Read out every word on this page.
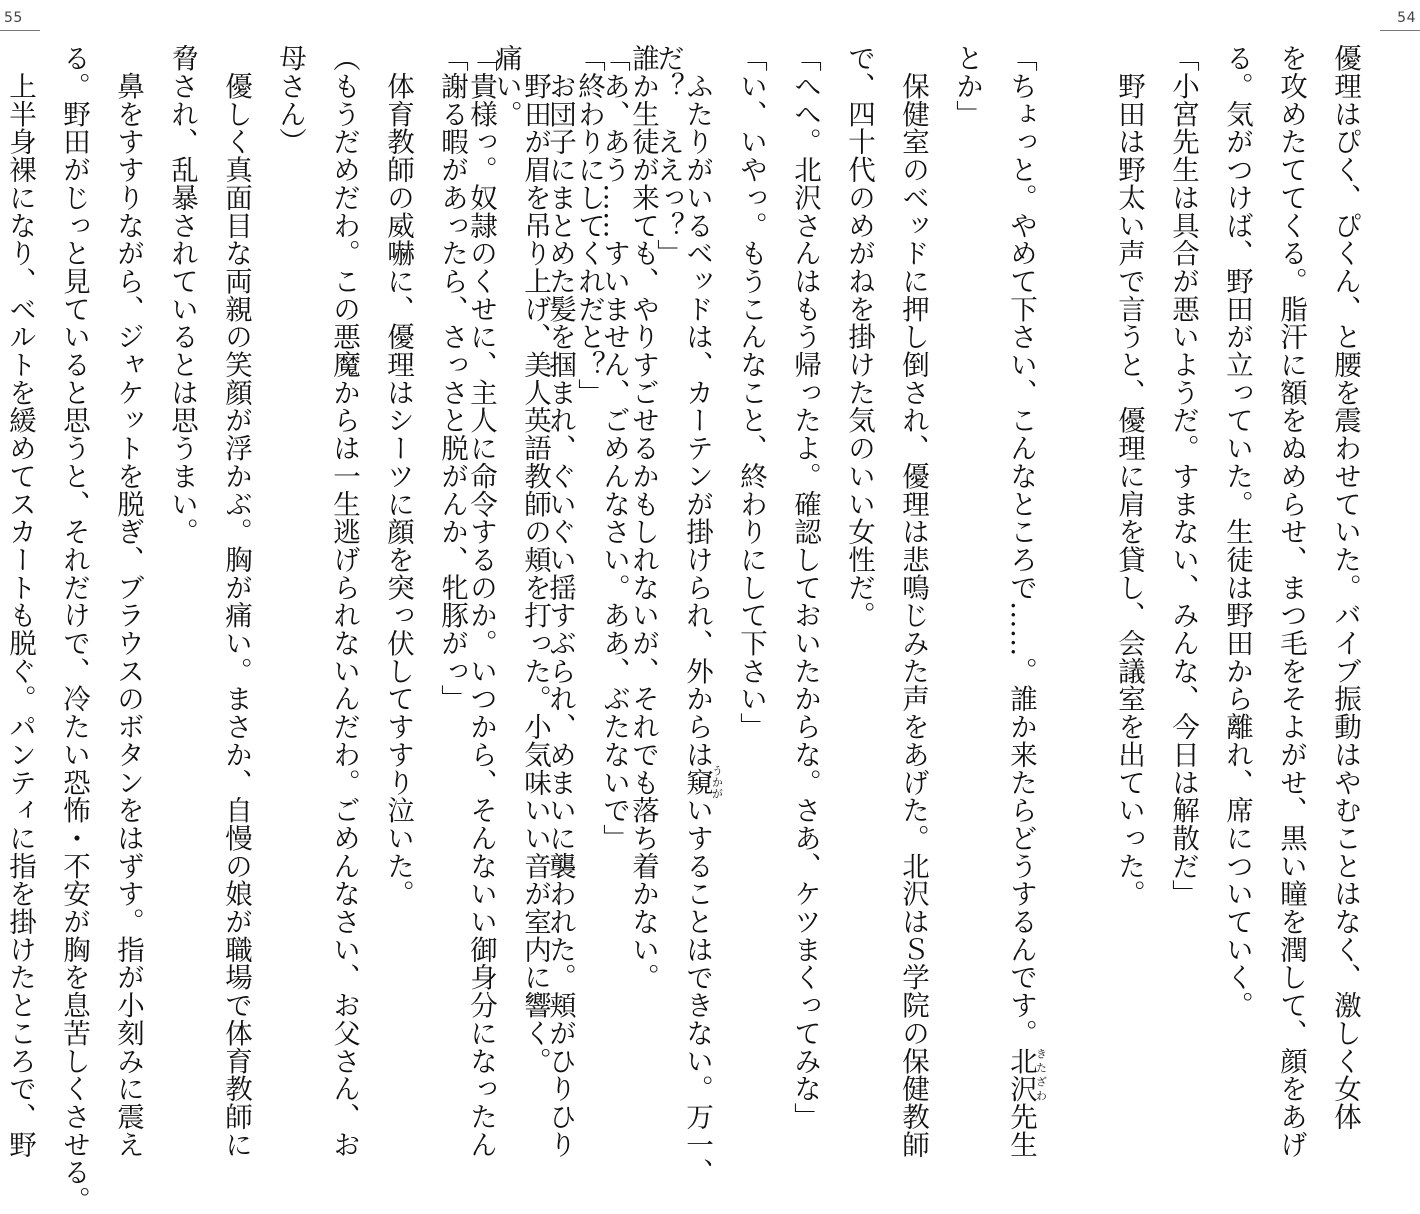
55	54
優理はぴく、ぴくん、と腰を震わせていた。バイブ振動はやむことはなく、激しく女体
を攻めたててくる。脂汗に額をぬめらせ、まつ毛をそよがせ、黒い瞳を潤して、顔をあげ
る。気がつけば、野田が立っていた。生徒は野田から離れ、席についていく。
「小宮先生は具合が悪いようだ。すまない、みんな、今日は解散だ」
　野田は野太い声で言うと、優理に肩を貸し、会議室を出ていった。

「ちょっと。やめて下さい、こんなところで……。誰か来たらどうするんです。北沢きたざわ先生
とか」
　保健室のベッドに押し倒され、優理は悲鳴じみた声をあげた。北沢はＳ学院の保健教師
で、四十代のめがねを掛けた気のいい女性だ。
「へへ。北沢さんはもう帰ったよ。確認しておいたからな。さあ、ケツまくってみな」
「い、いやっ。もうこんなこと、終わりにして下さい」
　ふたりがいるベッドは、カーテンが掛けられ、外からは窺うかがいすることはできない。万一、
誰か生徒が来ても、やりすごせるかもしれないが、それでも落ち着かない。
「終わりにしてくれだと？」
　野田が眉を吊り上げ、美人英語教師の頬を打った。小気味いい音が室内に響く。
「貴様っ。奴隷のくせに、主人に命令するのか。いつから、そんないい御身分になったん	だ？　ええっ？」
「あ、あう……すいません、ごめんなさい。ああ、ぶたないで」
　お団子にまとめた髪を掴まれ、ぐいぐい揺すぶられ、めまいに襲われた。頬がひりひり
痛い。
「謝る暇があったら、さっさと脱がんか、牝豚がっ」
　体育教師の威嚇に、優理はシーツに顔を突っ伏してすすり泣いた。
（もうだめだわ。この悪魔からは一生逃げられないんだわ。ごめんなさい、お父さん、お
母さん）
　優しく真面目な両親の笑顔が浮かぶ。胸が痛い。まさか、自慢の娘が職場で体育教師に
脅され、乱暴されているとは思うまい。
　鼻をすすりながら、ジャケットを脱ぎ、ブラウスのボタンをはずす。指が小刻みに震え
る。野田がじっと見ていると思うと、それだけで、冷たい恐怖・不安が胸を息苦しくさせる。
　上半身裸になり、ベルトを緩めてスカートも脱ぐ。パンティに指を掛けたところで、野
